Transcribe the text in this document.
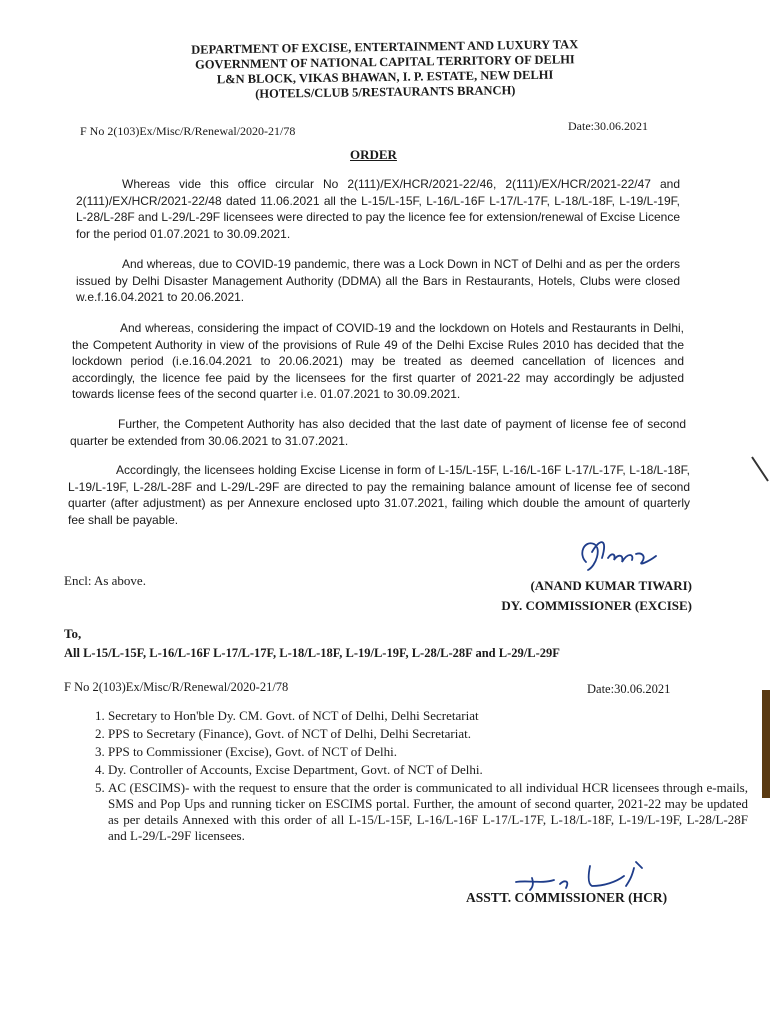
DEPARTMENT OF EXCISE, ENTERTAINMENT AND LUXURY TAX
GOVERNMENT OF NATIONAL CAPITAL TERRITORY OF DELHI
L&N BLOCK, VIKAS BHAWAN, I. P. ESTATE, NEW DELHI
(HOTELS/CLUB 5/RESTAURANTS BRANCH)
F No 2(103)Ex/Misc/R/Renewal/2020-21/78	Date:30.06.2021
ORDER
Whereas vide this office circular No 2(111)/EX/HCR/2021-22/46, 2(111)/EX/HCR/2021-22/47 and 2(111)/EX/HCR/2021-22/48 dated 11.06.2021 all the L-15/L-15F, L-16/L-16F L-17/L-17F, L-18/L-18F, L-19/L-19F, L-28/L-28F and L-29/L-29F licensees were directed to pay the licence fee for extension/renewal of Excise Licence for the period 01.07.2021 to 30.09.2021.
And whereas, due to COVID-19 pandemic, there was a Lock Down in NCT of Delhi and as per the orders issued by Delhi Disaster Management Authority (DDMA) all the Bars in Restaurants, Hotels, Clubs were closed w.e.f.16.04.2021 to 20.06.2021.
And whereas, considering the impact of COVID-19 and the lockdown on Hotels and Restaurants in Delhi, the Competent Authority in view of the provisions of Rule 49 of the Delhi Excise Rules 2010 has decided that the lockdown period (i.e.16.04.2021 to 20.06.2021) may be treated as deemed cancellation of licences and accordingly, the licence fee paid by the licensees for the first quarter of 2021-22 may accordingly be adjusted towards license fees of the second quarter i.e. 01.07.2021 to 30.09.2021.
Further, the Competent Authority has also decided that the last date of payment of license fee of second quarter be extended from 30.06.2021 to 31.07.2021.
Accordingly, the licensees holding Excise License in form of L-15/L-15F, L-16/L-16F L-17/L-17F, L-18/L-18F, L-19/L-19F, L-28/L-28F and L-29/L-29F are directed to pay the remaining balance amount of license fee of second quarter (after adjustment) as per Annexure enclosed upto 31.07.2021, failing which double the amount of quarterly fee shall be payable.
Encl: As above.	(ANAND KUMAR TIWARI)
DY. COMMISSIONER (EXCISE)
To,
All L-15/L-15F, L-16/L-16F L-17/L-17F, L-18/L-18F, L-19/L-19F, L-28/L-28F and L-29/L-29F
F No 2(103)Ex/Misc/R/Renewal/2020-21/78	Date:30.06.2021
1. Secretary to Hon'ble Dy. CM. Govt. of NCT of Delhi, Delhi Secretariat
2. PPS to Secretary (Finance), Govt. of NCT of Delhi, Delhi Secretariat.
3. PPS to Commissioner (Excise), Govt. of NCT of Delhi.
4. Dy. Controller of Accounts, Excise Department, Govt. of NCT of Delhi.
5. AC (ESCIMS)- with the request to ensure that the order is communicated to all individual HCR licensees through e-mails, SMS and Pop Ups and running ticker on ESCIMS portal. Further, the amount of second quarter, 2021-22 may be updated as per details Annexed with this order of all L-15/L-15F, L-16/L-16F L-17/L-17F, L-18/L-18F, L-19/L-19F, L-28/L-28F and L-29/L-29F licensees.
ASSTT. COMMISSIONER (HCR)
